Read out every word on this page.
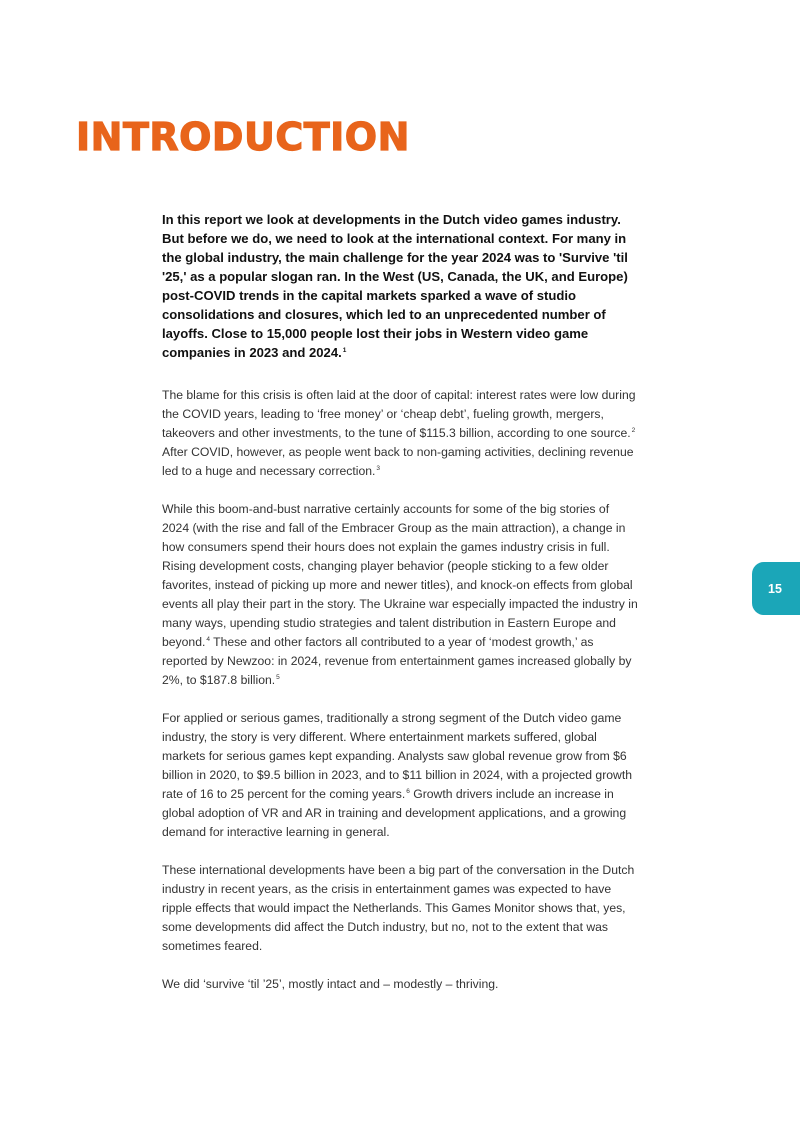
INTRODUCTION

In this report we look at developments in the Dutch video games industry. But before we do, we need to look at the international context. For many in the global industry, the main challenge for the year 2024 was to 'Survive 'til '25,' as a popular slogan ran. In the West (US, Canada, the UK, and Europe) post-COVID trends in the capital markets sparked a wave of studio consolidations and closures, which led to an unprecedented number of layoffs. Close to 15,000 people lost their jobs in Western video game companies in 2023 and 2024.$^1$

The blame for this crisis is often laid at the door of capital: interest rates were low during the COVID years, leading to ‘free money’ or ‘cheap debt’, fueling growth, mergers, takeovers and other investments, to the tune of $115.3 billion, according to one source.$^2$ After COVID, however, as people went back to non-gaming activities, declining revenue led to a huge and necessary correction.$^3$

While this boom-and-bust narrative certainly accounts for some of the big stories of 2024 (with the rise and fall of the Embracer Group as the main attraction), a change in how consumers spend their hours does not explain the games industry crisis in full. Rising development costs, changing player behavior (people sticking to a few older favorites, instead of picking up more and newer titles), and knock-on effects from global events all play their part in the story. The Ukraine war especially impacted the industry in many ways, upending studio strategies and talent distribution in Eastern Europe and beyond.$^4$ These and other factors all contributed to a year of ‘modest growth,’ as reported by Newzoo: in 2024, revenue from entertainment games increased globally by 2%, to $187.8 billion.$^5$

For applied or serious games, traditionally a strong segment of the Dutch video game industry, the story is very different. Where entertainment markets suffered, global markets for serious games kept expanding. Analysts saw global revenue grow from $6 billion in 2020, to $9.5 billion in 2023, and to $11 billion in 2024, with a projected growth rate of 16 to 25 percent for the coming years.$^6$ Growth drivers include an increase in global adoption of VR and AR in training and development applications, and a growing demand for interactive learning in general.

These international developments have been a big part of the conversation in the Dutch industry in recent years, as the crisis in entertainment games was expected to have ripple effects that would impact the Netherlands. This Games Monitor shows that, yes, some developments did affect the Dutch industry, but no, not to the extent that was sometimes feared.

We did ‘survive ‘til ’25’, mostly intact and – modestly – thriving.

15
